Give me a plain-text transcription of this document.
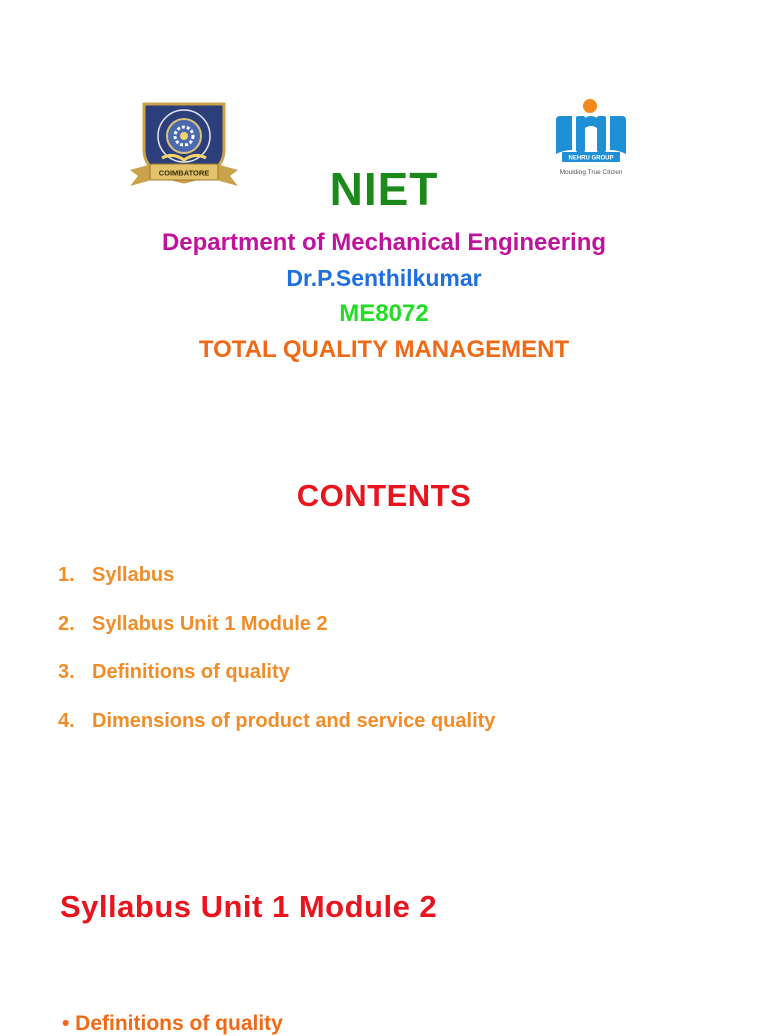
COIMBATORE
NEHRU GROUP
Moulding True Citizen
NIET
Department of Mechanical Engineering
Dr.P.Senthilkumar
ME8072
TOTAL QUALITY MANAGEMENT
CONTENTS
1. Syllabus
2. Syllabus Unit 1 Module 2
3. Definitions of quality
4. Dimensions of product and service quality
Syllabus Unit 1 Module 2
• Definitions of quality
